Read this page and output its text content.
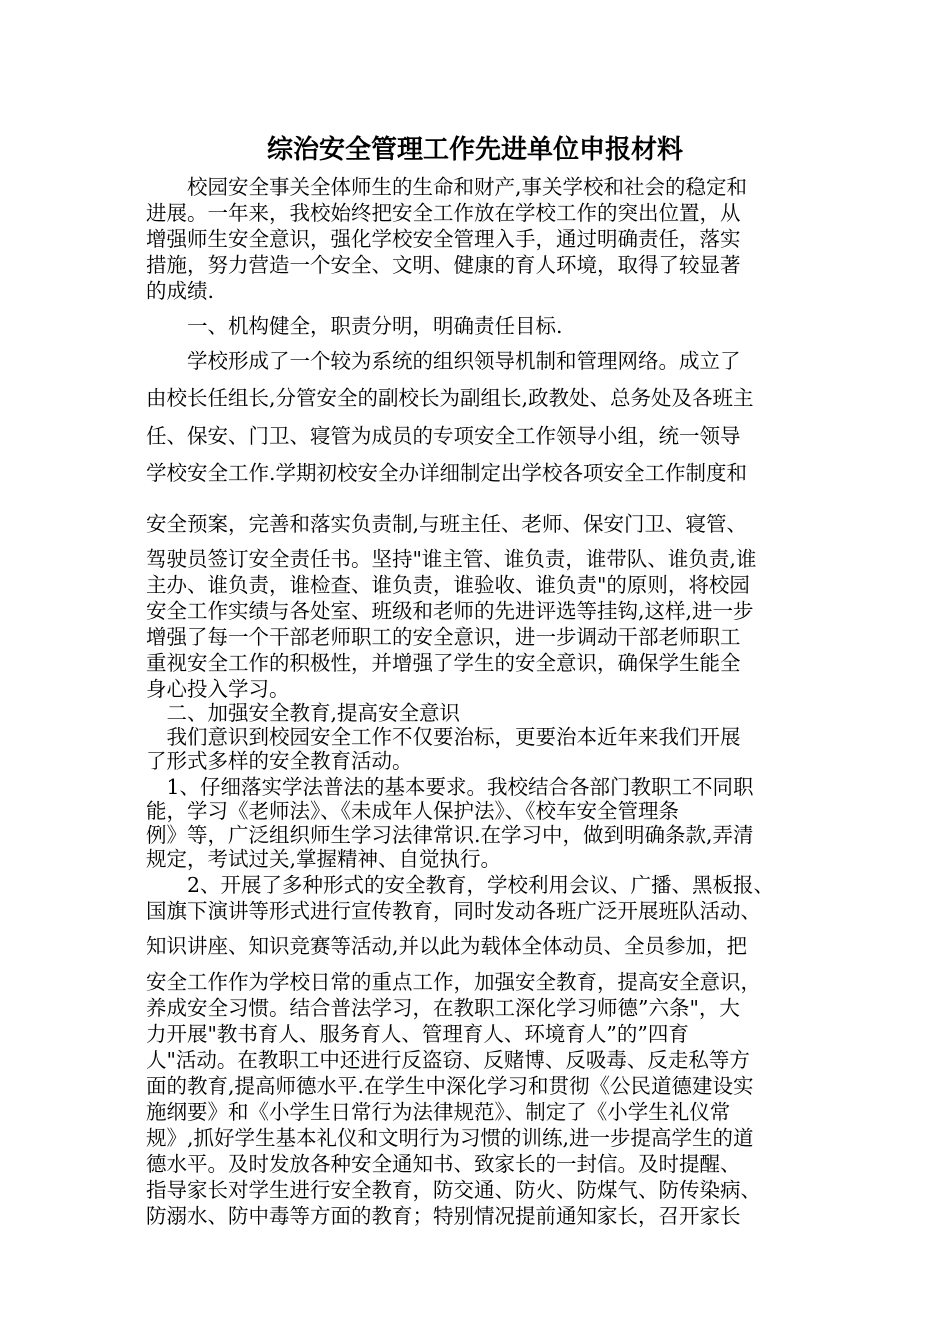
综治安全管理工作先进单位申报材料
　　校园安全事关全体师生的生命和财产,事关学校和社会的稳定和
进展。一年来，我校始终把安全工作放在学校工作的突出位置，从
增强师生安全意识，强化学校安全管理入手，通过明确责任，落实
措施，努力营造一个安全、文明、健康的育人环境，取得了较显著
的成绩.
　　一、机构健全，职责分明，明确责任目标.
　　学校形成了一个较为系统的组织领导机制和管理网络。成立了
由校长任组长,分管安全的副校长为副组长,政教处、总务处及各班主
任、保安、门卫、寝管为成员的专项安全工作领导小组，统一领导
学校安全工作.学期初校安全办详细制定出学校各项安全工作制度和
安全预案，完善和落实负责制,与班主任、老师、保安门卫、寝管、
驾驶员签订安全责任书。坚持"谁主管、谁负责，谁带队、谁负责,谁
主办、谁负责，谁检查、谁负责，谁验收、谁负责"的原则，将校园
安全工作实绩与各处室、班级和老师的先进评选等挂钩,这样,进一步
增强了每一个干部老师职工的安全意识，进一步调动干部老师职工
重视安全工作的积极性，并增强了学生的安全意识，确保学生能全
身心投入学习。
　二、加强安全教育,提高安全意识
　我们意识到校园安全工作不仅要治标，更要治本近年来我们开展
了形式多样的安全教育活动。
　1、仔细落实学法普法的基本要求。我校结合各部门教职工不同职
能，学习《老师法》、《未成年人保护法》、《校车安全管理条
例》等，广泛组织师生学习法律常识.在学习中，做到明确条款,弄清
规定，考试过关,掌握精神、自觉执行。
　　2、开展了多种形式的安全教育，学校利用会议、广播、黑板报、
国旗下演讲等形式进行宣传教育，同时发动各班广泛开展班队活动、
知识讲座、知识竞赛等活动,并以此为载体全体动员、全员参加，把
安全工作作为学校日常的重点工作，加强安全教育，提高安全意识，
养成安全习惯。结合普法学习，在教职工深化学习师德”六条"，大
力开展"教书育人、服务育人、管理育人、环境育人”的”四育
人"活动。在教职工中还进行反盗窃、反赌博、反吸毒、反走私等方
面的教育,提高师德水平.在学生中深化学习和贯彻《公民道德建设实
施纲要》和《小学生日常行为法律规范》、制定了《小学生礼仪常
规》,抓好学生基本礼仪和文明行为习惯的训练,进一步提高学生的道
德水平。及时发放各种安全通知书、致家长的一封信。及时提醒、
指导家长对学生进行安全教育，防交通、防火、防煤气、防传染病、
防溺水、防中毒等方面的教育；特别情况提前通知家长，召开家长
